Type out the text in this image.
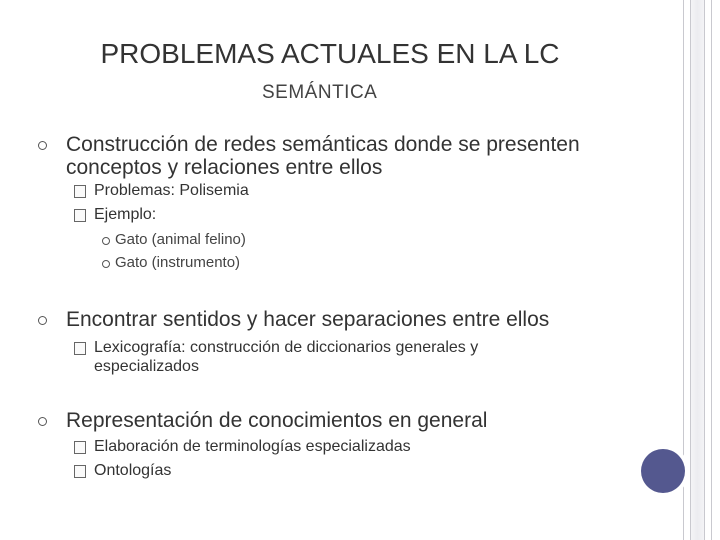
PROBLEMAS ACTUALES EN LA LC
SEMÁNTICA
Construcción de redes semánticas donde se presenten
conceptos y relaciones entre ellos
Problemas: Polisemia
Ejemplo:
Gato (animal felino)
Gato (instrumento)
Encontrar sentidos y hacer separaciones entre ellos
Lexicografía: construcción de diccionarios generales y
especializados
Representación de conocimientos en general
Elaboración de terminologías especializadas
Ontologías
